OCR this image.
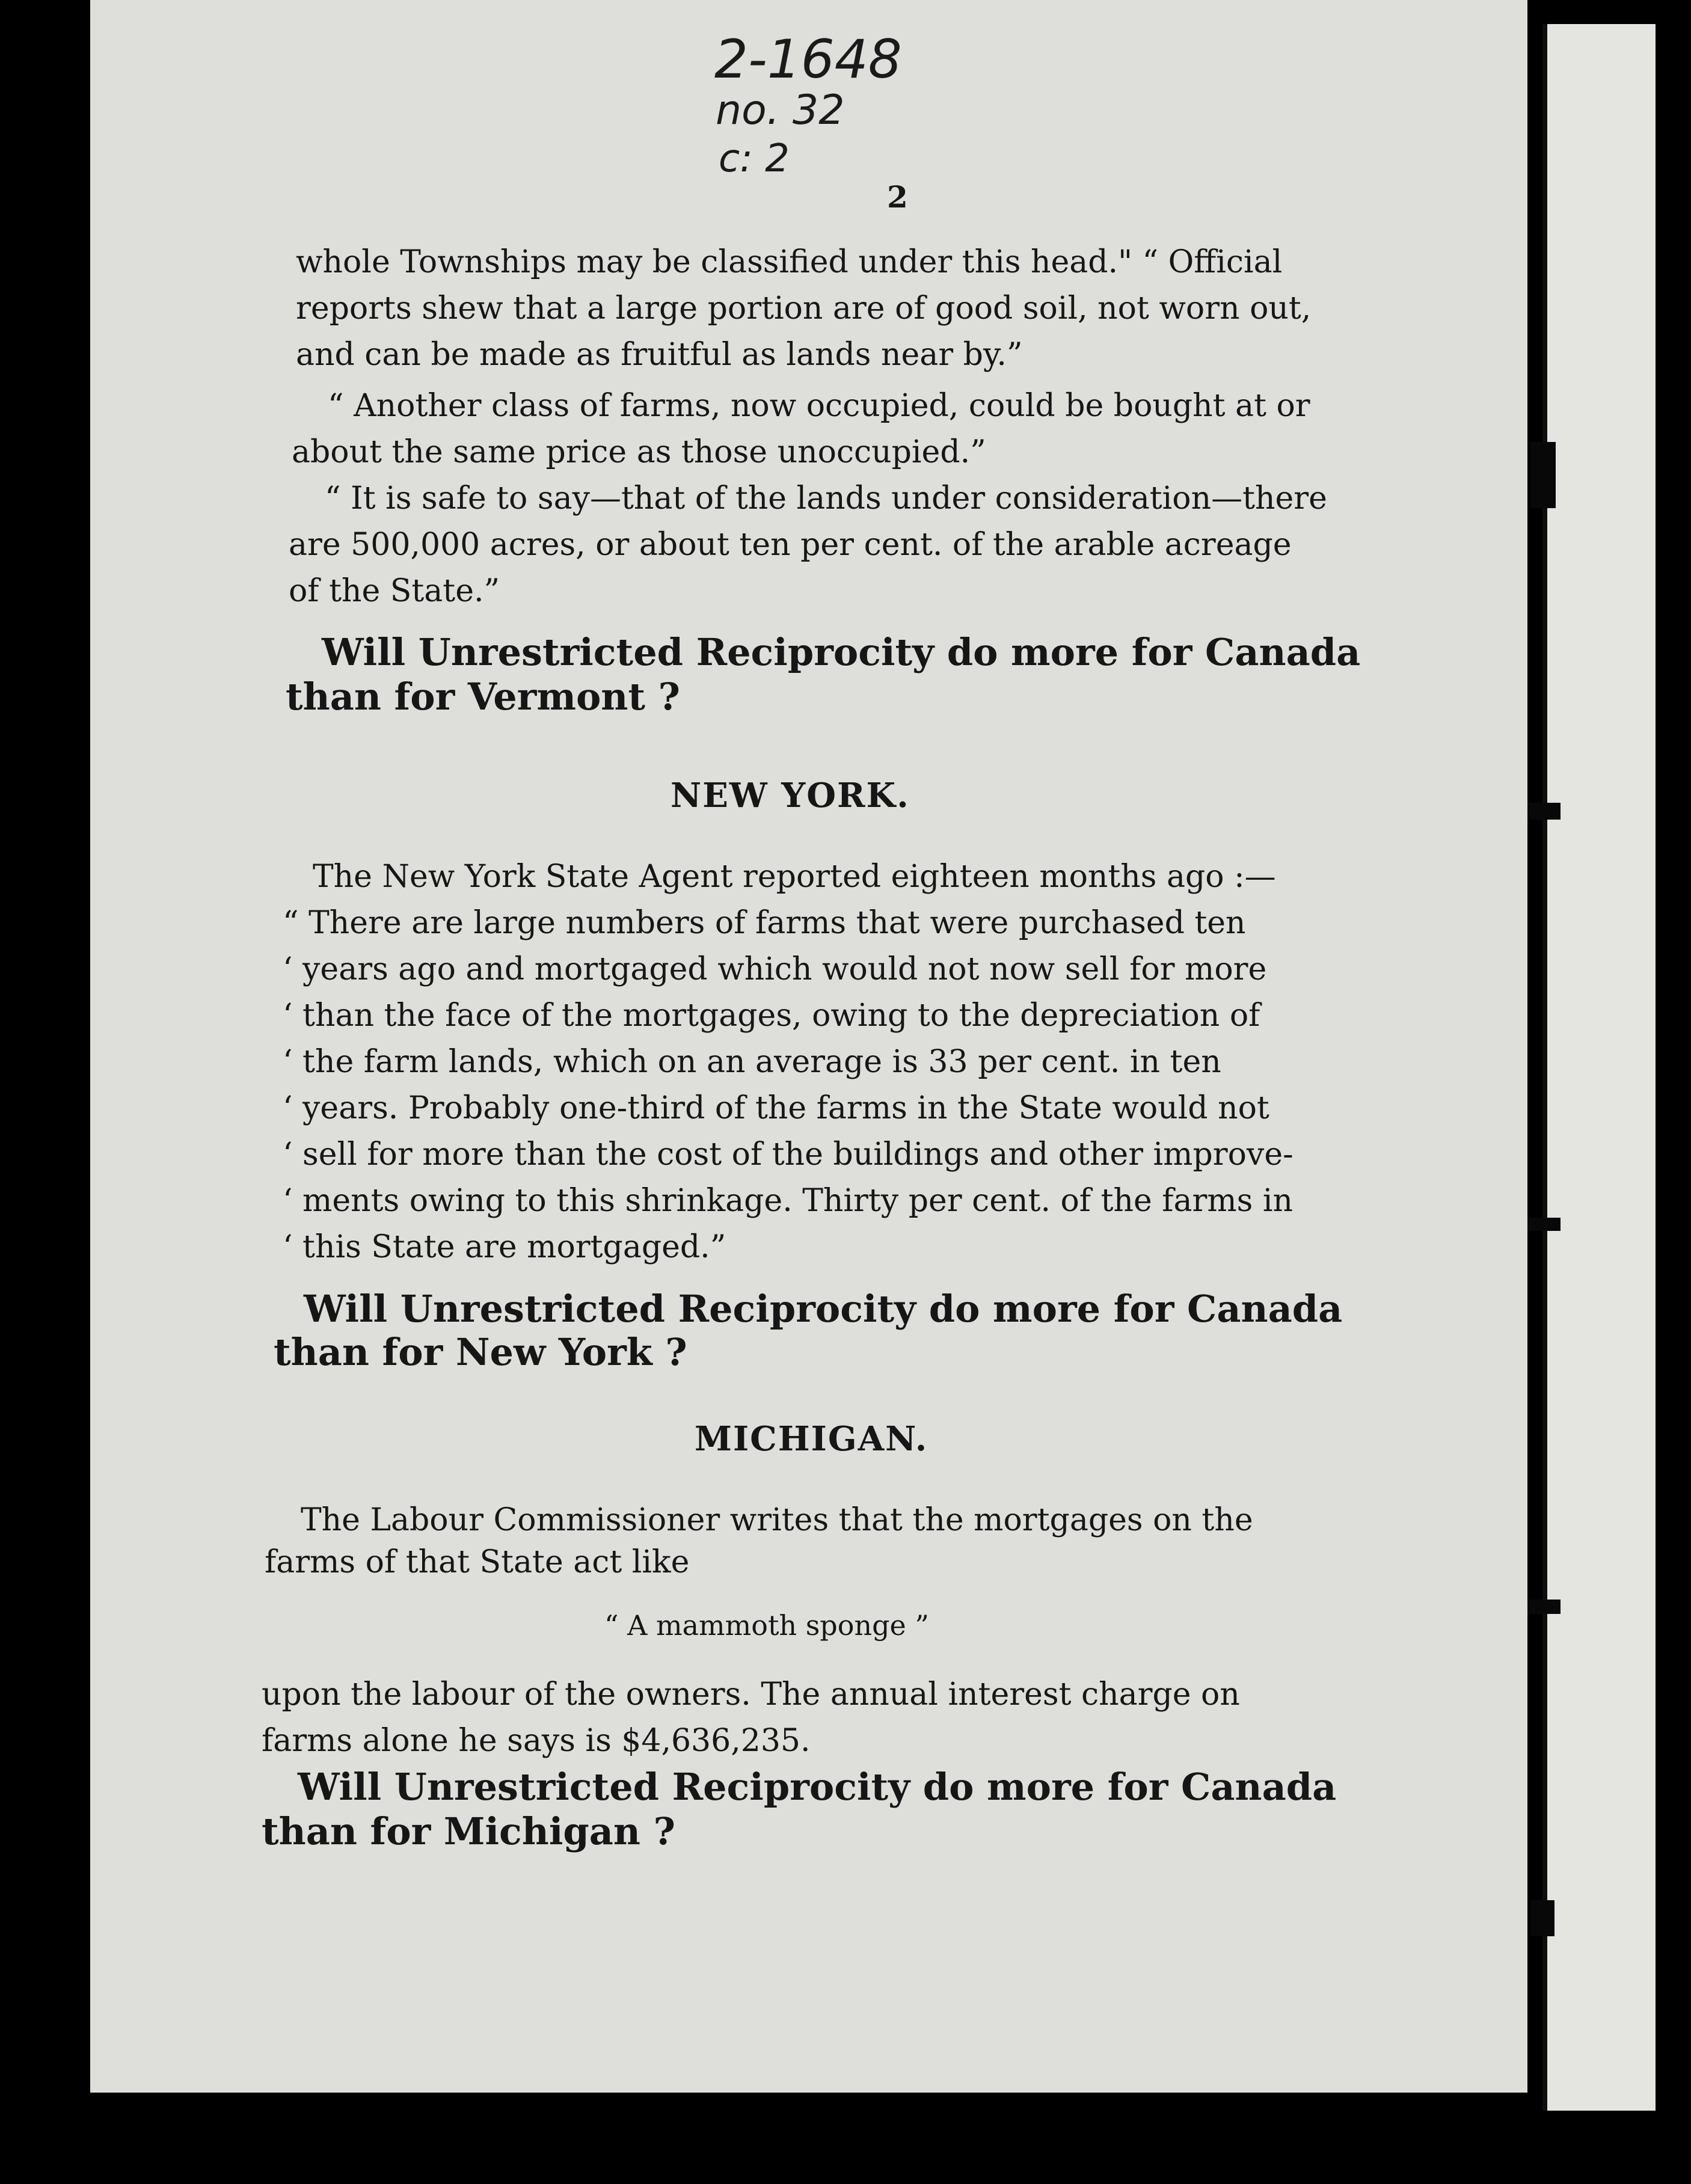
2-1648
no. 32
c: 2
2
whole Townships may be classified under this head." “ Official
reports shew that a large portion are of good soil, not worn out,
and can be made as fruitful as lands near by.”
“ Another class of farms, now occupied, could be bought at or
about the same price as those unoccupied.”
“ It is safe to say—that of the lands under consideration—there
are 500,000 acres, or about ten per cent. of the arable acreage
of the State.”
Will Unrestricted Reciprocity do more for Canada
than for Vermont ?
NEW YORK.
The New York State Agent reported eighteen months ago :—
“ There are large numbers of farms that were purchased ten
‘ years ago and mortgaged which would not now sell for more
‘ than the face of the mortgages, owing to the depreciation of
‘ the farm lands, which on an average is 33 per cent. in ten
‘ years. Probably one-third of the farms in the State would not
‘ sell for more than the cost of the buildings and other improve-
‘ ments owing to this shrinkage. Thirty per cent. of the farms in
‘ this State are mortgaged.”
Will Unrestricted Reciprocity do more for Canada
than for New York ?
MICHIGAN.
The Labour Commissioner writes that the mortgages on the
farms of that State act like
“ A mammoth sponge ”
upon the labour of the owners. The annual interest charge on
farms alone he says is $4,636,235.
Will Unrestricted Reciprocity do more for Canada
than for Michigan ?
